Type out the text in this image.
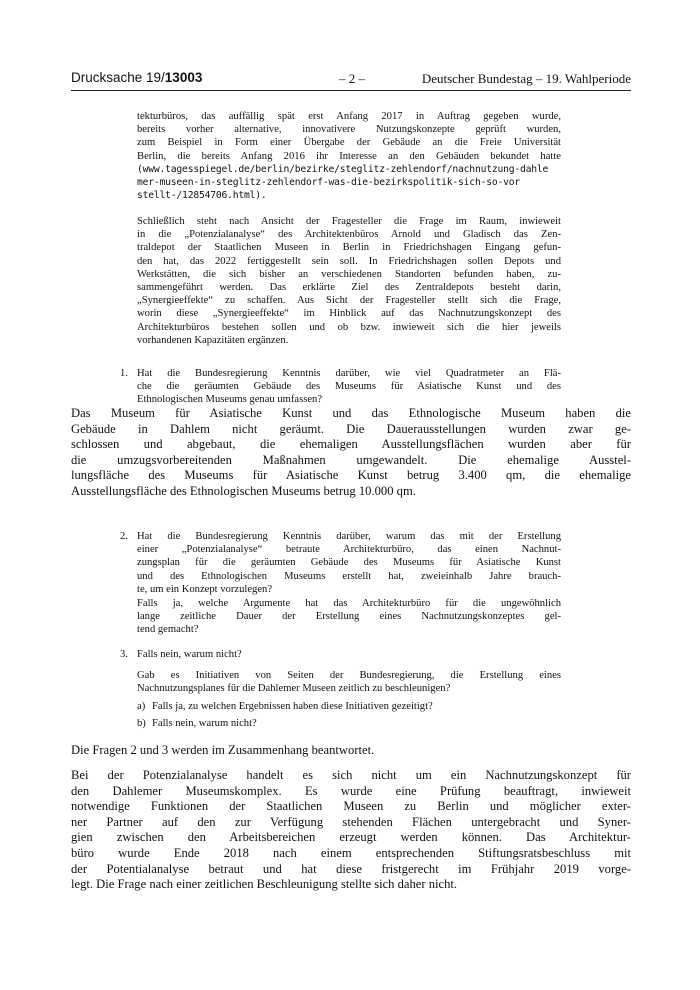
Drucksache 19/13003	– 2 –	Deutscher Bundestag – 19. Wahlperiode

tekturbüros, das auffällig spät erst Anfang 2017 in Auftrag gegeben wurde,

bereits vorher alternative, innovativere Nutzungskonzepte geprüft wurden,

zum Beispiel in Form einer Übergabe der Gebäude an die Freie Universität

Berlin, die bereits Anfang 2016 ihr Interesse an den Gebäuden bekundet hatte

(www.tagesspiegel.de/berlin/bezirke/steglitz-zehlendorf/nachnutzung-dahle

mer-museen-in-steglitz-zehlendorf-was-die-bezirkspolitik-sich-so-vor

stellt-/12854706.html).

Schließlich steht nach Ansicht der Fragesteller die Frage im Raum, inwieweit

in die „Potenzialanalyse“ des Architektenbüros Arnold und Gladisch das Zen-

traldepot der Staatlichen Museen in Berlin in Friedrichshagen Eingang gefun-

den hat, das 2022 fertiggestellt sein soll. In Friedrichshagen sollen Depots und

Werkstätten, die sich bisher an verschiedenen Standorten befunden haben, zu-

sammengeführt werden. Das erklärte Ziel des Zentraldepots besteht darin,

„Synergieeffekte“ zu schaffen. Aus Sicht der Fragesteller stellt sich die Frage,

worin diese „Synergieeffekte“ im Hinblick auf das Nachnutzungskonzept des

Architekturbüros bestehen sollen und ob bzw. inwieweit sich die hier jeweils

vorhandenen Kapazitäten ergänzen.

1. Hat die Bundesregierung Kenntnis darüber, wie viel Quadratmeter an Flä-

che die geräumten Gebäude des Museums für Asiatische Kunst und des

Ethnologischen Museums genau umfassen?

Das Museum für Asiatische Kunst und das Ethnologische Museum haben die

Gebäude in Dahlem nicht geräumt. Die Dauerausstellungen wurden zwar ge-

schlossen und abgebaut, die ehemaligen Ausstellungsflächen wurden aber für

die umzugsvorbereitenden Maßnahmen umgewandelt. Die ehemalige Ausstel-

lungsfläche des Museums für Asiatische Kunst betrug 3.400 qm, die ehemalige

Ausstellungsfläche des Ethnologischen Museums betrug 10.000 qm.

2. Hat die Bundesregierung Kenntnis darüber, warum das mit der Erstellung

einer „Potenzialanalyse“ betraute Architekturbüro, das einen Nachnut-

zungsplan für die geräumten Gebäude des Museums für Asiatische Kunst

und des Ethnologischen Museums erstellt hat, zweieinhalb Jahre brauch-

te, um ein Konzept vorzulegen?

Falls ja, welche Argumente hat das Architekturbüro für die ungewöhnlich

lange zeitliche Dauer der Erstellung eines Nachnutzungskonzeptes gel-

tend gemacht?

3. Falls nein, warum nicht?

Gab es Initiativen von Seiten der Bundesregierung, die Erstellung eines

Nachnutzungsplanes für die Dahlemer Museen zeitlich zu beschleunigen?

a) Falls ja, zu welchen Ergebnissen haben diese Initiativen gezeitigt?
b) Falls nein, warum nicht?

Die Fragen 2 und 3 werden im Zusammenhang beantwortet.

Bei der Potenzialanalyse handelt es sich nicht um ein Nachnutzungskonzept für

den Dahlemer Museumskomplex. Es wurde eine Prüfung beauftragt, inwieweit

notwendige Funktionen der Staatlichen Museen zu Berlin und möglicher exter-

ner Partner auf den zur Verfügung stehenden Flächen untergebracht und Syner-

gien zwischen den Arbeitsbereichen erzeugt werden können. Das Architektur-

büro wurde Ende 2018 nach einem entsprechenden Stiftungsratsbeschluss mit

der Potentialanalyse betraut und hat diese fristgerecht im Frühjahr 2019 vorge-

legt. Die Frage nach einer zeitlichen Beschleunigung stellte sich daher nicht.
